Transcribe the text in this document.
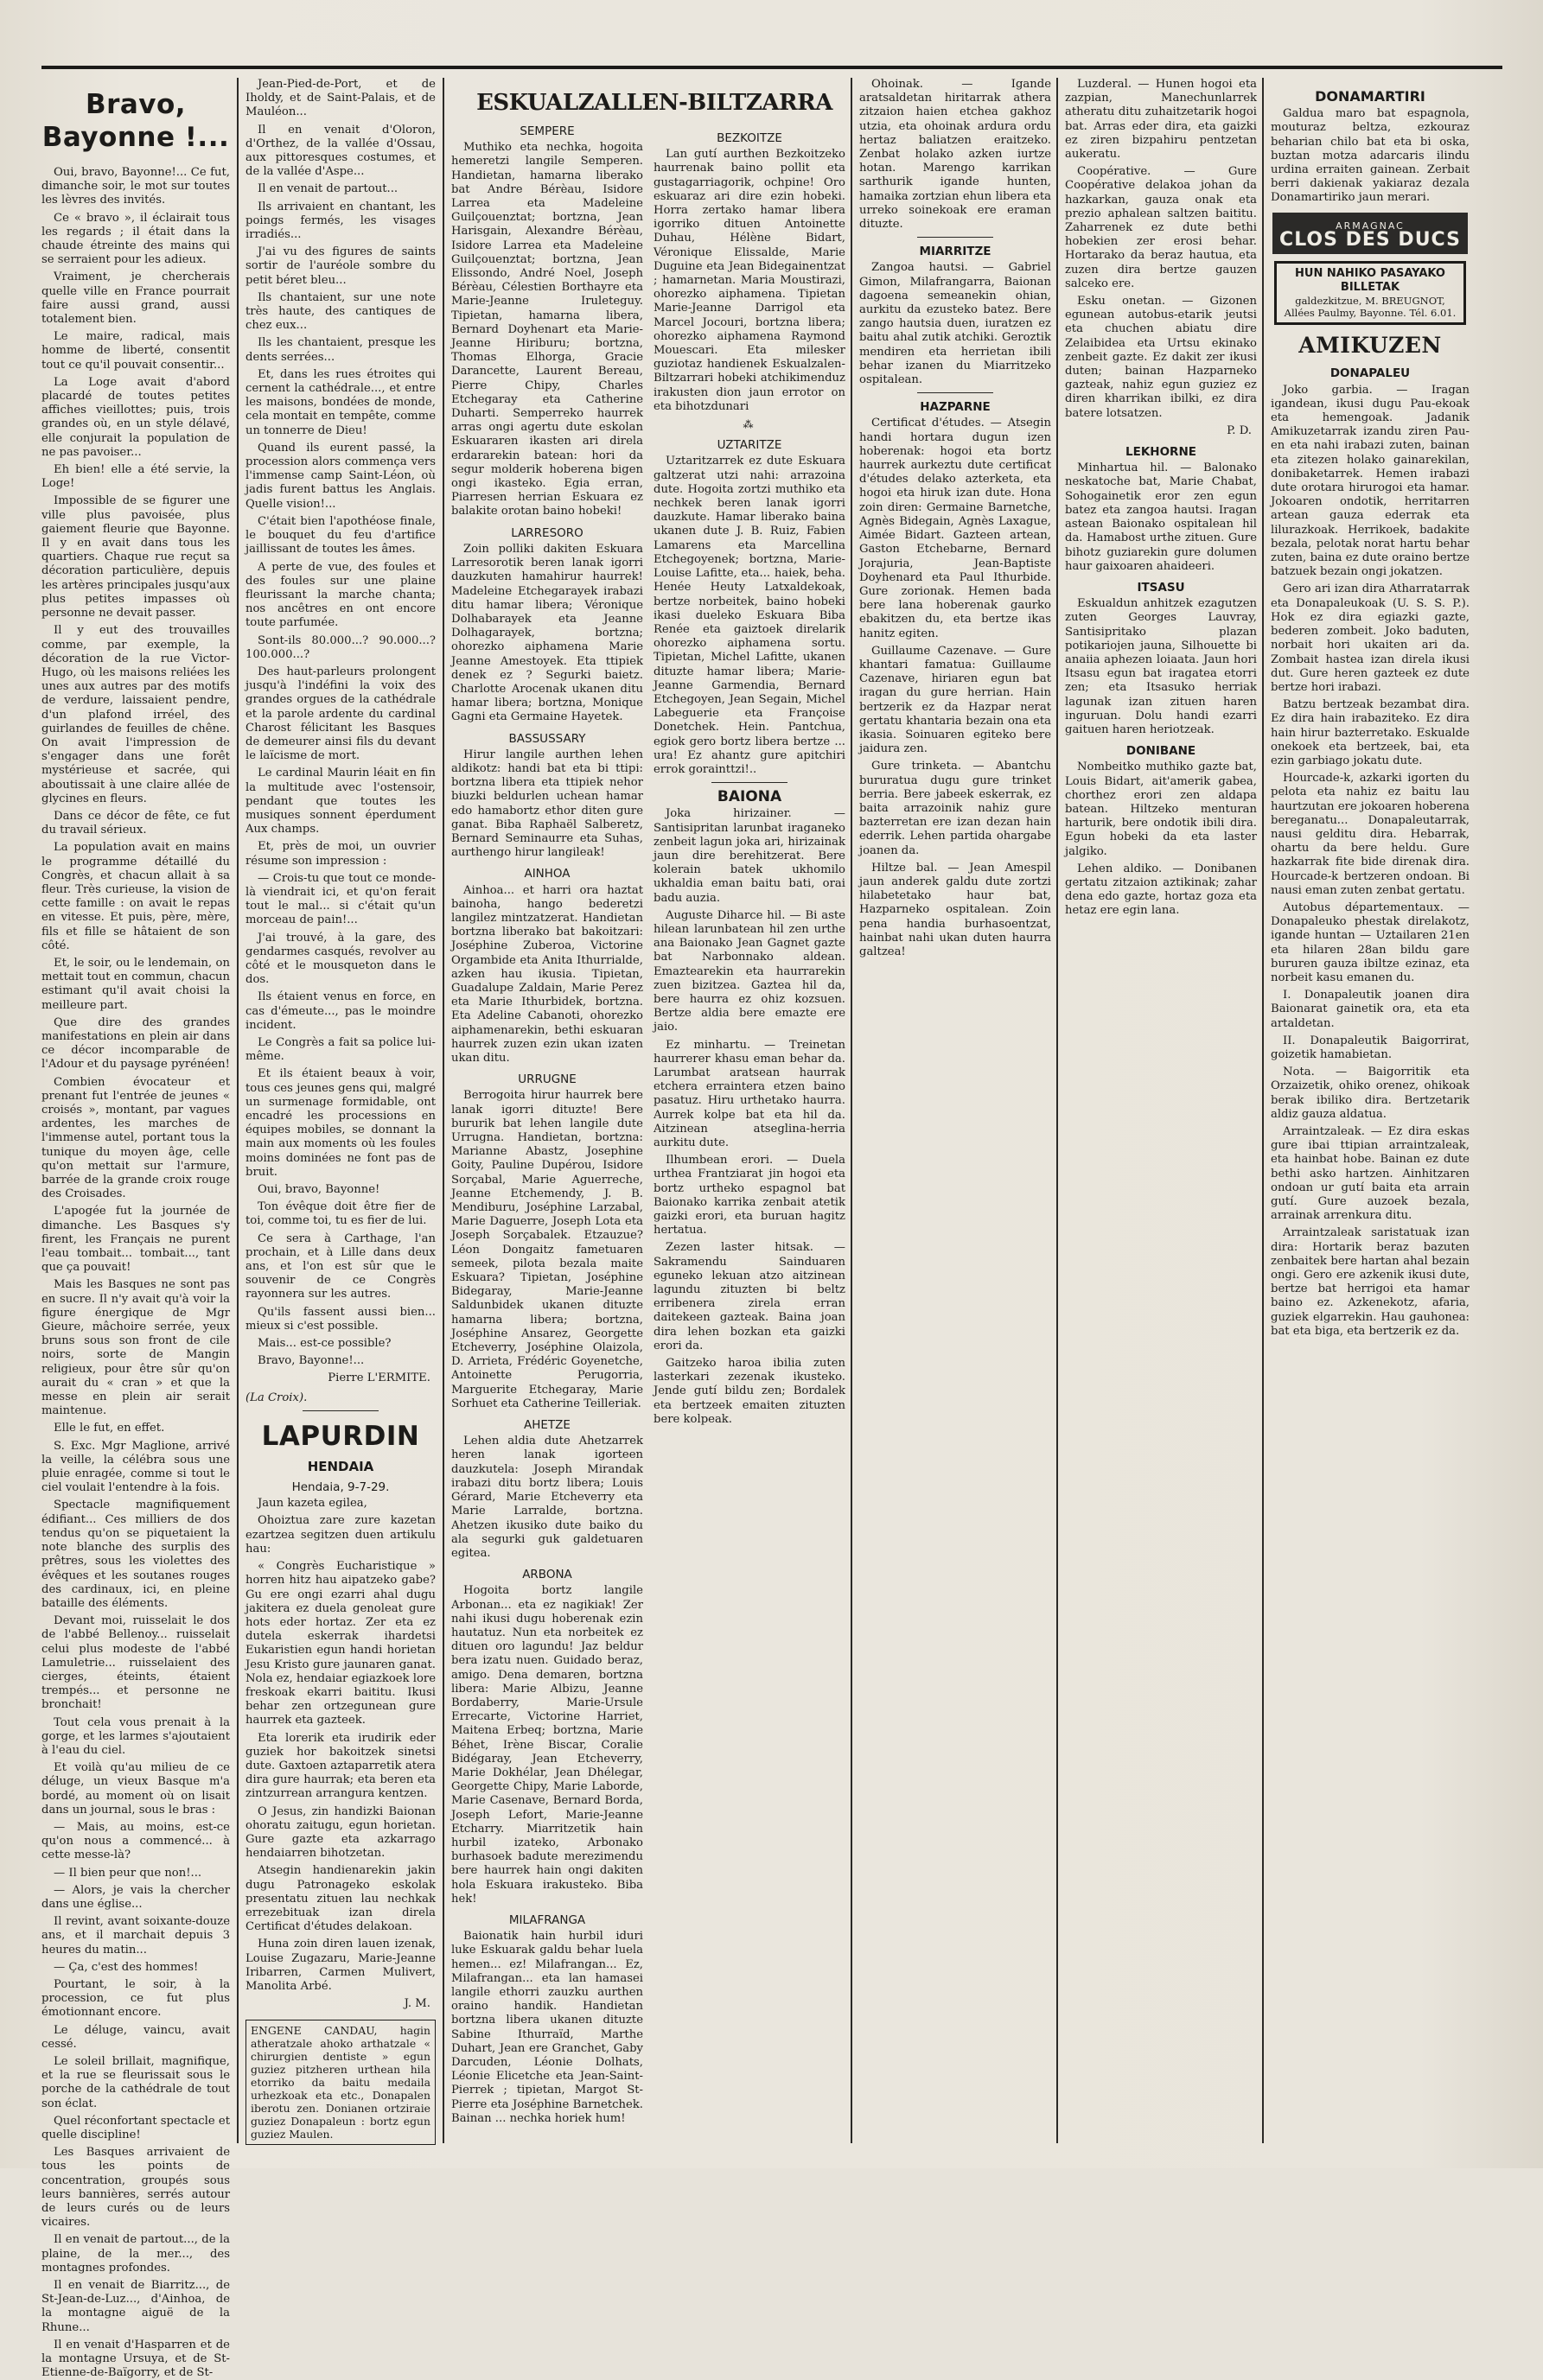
Bravo, Bayonne !...
Oui, bravo, Bayonne!... Ce fut, dimanche soir, le mot sur toutes les lèvres des invités.
Ce « bravo », il éclairait tous les regards ; il était dans la chaude étreinte des mains qui se serraient pour les adieux.
Vraiment, je chercherais quelle ville en France pourrait faire aussi grand, aussi totalement bien.
Le maire, radical, mais homme de liberté, consentit tout ce qu'il pouvait consentir...
La Loge avait d'abord placardé de toutes petites affiches vieillottes; puis, trois grandes où, en un style délavé, elle conjurait la population de ne pas pavoiser...
Eh bien! elle a été servie, la Loge!
Impossible de se figurer une ville plus pavoisée, plus gaiement fleurie que Bayonne. Il y en avait dans tous les quartiers. Chaque rue reçut sa décoration particulière, depuis les artères principales jusqu'aux plus petites impasses où personne ne devait passer.
Il y eut des trouvailles comme, par exemple, la décoration de la rue Victor-Hugo, où les maisons reliées les unes aux autres par des motifs de verdure, laissaient pendre, d'un plafond irréel, des guirlandes de feuilles de chêne. On avait l'impression de s'engager dans une forêt mystérieuse et sacrée, qui aboutissait à une claire allée de glycines en fleurs.
Dans ce décor de fête, ce fut du travail sérieux.
La population avait en mains le programme détaillé du Congrès, et chacun allait à sa fleur. Très curieuse, la vision de cette famille : on avait le repas en vitesse. Et puis, père, mère, fils et fille se hâtaient de son côté.
Et, le soir, ou le lendemain, on mettait tout en commun, chacun estimant qu'il avait choisi la meilleure part.
Que dire des grandes manifestations en plein air dans ce décor incomparable de l'Adour et du paysage pyrénéen!
Combien évocateur et prenant fut l'entrée de jeunes « croisés », montant, par vagues ardentes, les marches de l'immense autel, portant tous la tunique du moyen âge, celle qu'on mettait sur l'armure, barrée de la grande croix rouge des Croisades.
L'apogée fut la journée de dimanche. Les Basques s'y firent, les Français ne purent l'eau tombait... tombait..., tant que ça pouvait!
Mais les Basques ne sont pas en sucre. Il n'y avait qu'à voir la figure énergique de Mgr Gieure, mâchoire serrée, yeux bruns sous son front de cile noirs, sorte de Mangin religieux, pour être sûr qu'on aurait du « cran » et que la messe en plein air serait maintenue.
Elle le fut, en effet.
S. Exc. Mgr Maglione, arrivé la veille, la célébra sous une pluie enragée, comme si tout le ciel voulait l'entendre à la fois.
Spectacle magnifiquement édifiant... Ces milliers de dos tendus qu'on se piquetaient la note blanche des surplis des prêtres, sous les violettes des évêques et les soutanes rouges des cardinaux, ici, en pleine bataille des éléments.
Devant moi, ruisselait le dos de l'abbé Bellenoy... ruisselait celui plus modeste de l'abbé Lamuletrie... ruisselaient des cierges, éteints, étaient trempés... et personne ne bronchait!
Tout cela vous prenait à la gorge, et les larmes s'ajoutaient à l'eau du ciel.
Et voilà qu'au milieu de ce déluge, un vieux Basque m'a bordé, au moment où on lisait dans un journal, sous le bras :
— Mais, au moins, est-ce qu'on nous a commencé... à cette messe-là?
— Il bien peur que non!...
— Alors, je vais la chercher dans une église...
Il revint, avant soixante-douze ans, et il marchait depuis 3 heures du matin...
— Ça, c'est des hommes!
Pourtant, le soir, à la procession, ce fut plus émotionnant encore.
Le déluge, vaincu, avait cessé.
Le soleil brillait, magnifique, et la rue se fleurissait sous le porche de la cathédrale de tout son éclat.
Quel réconfortant spectacle et quelle discipline!
Les Basques arrivaient de tous les points de concentration, groupés sous leurs bannières, serrés autour de leurs curés ou de leurs vicaires.
Il en venait de partout..., de la plaine, de la mer..., des montagnes profondes.
Il en venait de Biarritz..., de St-Jean-de-Luz..., d'Ainhoa, de la montagne aiguë de la Rhune...
Il en venait d'Hasparren et de la montagne Ursuya, et de St-Etienne-de-Baïgorry, et de St-
Jean-Pied-de-Port, et de Iholdy, et de Saint-Palais, et de Mauléon...
Il en venait d'Oloron, d'Orthez, de la vallée d'Ossau, aux pittoresques costumes, et de la vallée d'Aspe...
Il en venait de partout...
Ils arrivaient en chantant, les poings fermés, les visages irradiés...
J'ai vu des figures de saints sortir de l'auréole sombre du petit béret bleu...
Ils chantaient, sur une note très haute, des cantiques de chez eux...
Ils les chantaient, presque les dents serrées...
Et, dans les rues étroites qui cernent la cathédrale..., et entre les maisons, bondées de monde, cela montait en tempête, comme un tonnerre de Dieu!
Quand ils eurent passé, la procession alors commença vers l'immense camp Saint-Léon, où jadis furent battus les Anglais. Quelle vision!...
C'était bien l'apothéose finale, le bouquet du feu d'artifice jaillissant de toutes les âmes.
A perte de vue, des foules et des foules sur une plaine fleurissant la marche chanta; nos ancêtres en ont encore toute parfumée.
Sont-ils 80.000...? 90.000...? 100.000...?
Des haut-parleurs prolongent jusqu'à l'indéfini la voix des grandes orgues de la cathédrale et la parole ardente du cardinal Charost félicitant les Basques de demeurer ainsi fils du devant le laïcisme de mort.
Le cardinal Maurin léait en fin la multitude avec l'ostensoir, pendant que toutes les musiques sonnent éperdument Aux champs.
Et, près de moi, un ouvrier résume son impression :
— Crois-tu que tout ce monde-là viendrait ici, et qu'on ferait tout le mal... si c'était qu'un morceau de pain!...
J'ai trouvé, à la gare, des gendarmes casqués, revolver au côté et le mousqueton dans le dos.
Ils étaient venus en force, en cas d'émeute..., pas le moindre incident.
Le Congrès a fait sa police lui-même.
Et ils étaient beaux à voir, tous ces jeunes gens qui, malgré un surmenage formidable, ont encadré les processions en équipes mobiles, se donnant la main aux moments où les foules moins dominées ne font pas de bruit.
Oui, bravo, Bayonne!
Ton évêque doit être fier de toi, comme toi, tu es fier de lui.
Ce sera à Carthage, l'an prochain, et à Lille dans deux ans, et l'on est sûr que le souvenir de ce Congrès rayonnera sur les autres.
Qu'ils fassent aussi bien... mieux si c'est possible.
Mais... est-ce possible?
Bravo, Bayonne!...
Pierre L'ERMITE.
(La Croix).
LAPURDIN
HENDAIA
Hendaia, 9-7-29.
Jaun kazeta egilea,
Ohoiztua zare zure kazetan ezartzea segitzen duen artikulu hau:
« Congrès Eucharistique » horren hitz hau aipatzeko gabe? Gu ere ongi ezarri ahal dugu jakitera ez duela genoleat gure hots eder hortaz. Zer eta ez dutela eskerrak ihardetsi Eukaristien egun handi horietan Jesu Kristo gure jaunaren ganat. Nola ez, hendaiar egiazkoek lore freskoak ekarri baititu. Ikusi behar zen ortzegunean gure haurrek eta gazteek.
Eta lorerik eta irudirik eder guziek hor bakoitzek sinetsi dute. Gaxtoen aztaparretik atera dira gure haurrak; eta beren eta zintzurrean arrangura kentzen.
O Jesus, zin handizki Baionan ohoratu zaitugu, egun horietan. Gure gazte eta azkarrago hendaiarren bihotzetan.
Atsegin handienarekin jakin dugu Patronageko eskolak presentatu zituen lau nechkak errezebituak izan direla Certificat d'études delakoan.
Huna zoin diren lauen izenak, Louise Zugazaru, Marie-Jeanne Iribarren, Carmen Mulivert, Manolita Arbé.
J. M.
ENGENE CANDAU, hagin atheratzale ahoko arthatzale « chirurgien dentiste » egun guziez pitzheren urthean hila etorriko da baitu medaila urhezkoak eta etc., Donapalen iberotu zen. Donianen ortziraie guziez Donapaleun : bortz egun guziez Maulen.
ESKUALZALLEN-BILTZARRA
SEMPERE
Muthiko eta nechka, hogoita hemeretzi langile Semperen. Handietan, hamarna liberako bat Andre Bérèau, Isidore Larrea eta Madeleine Guilçouenztat; bortzna, Jean Harisgain, Alexandre Bérèau, Isidore Larrea eta Madeleine Guilçouenztat; bortzna, Jean Elissondo, André Noel, Joseph Bérèau, Célestien Borthayre eta Marie-Jeanne Iruleteguy. Tipietan, hamarna libera, Bernard Doyhenart eta Marie-Jeanne Hiriburu; bortzna, Thomas Elhorga, Gracie Darancette, Laurent Bereau, Pierre Chipy, Charles Etchegaray eta Catherine Duharti. Semperreko haurrek arras ongi agertu dute eskolan Eskuararen ikasten ari direla erdararekin batean: hori da segur molderik hoberena bigen ongi ikasteko. Egia erran, Piarresen herrian Eskuara ez balakite orotan baino hobeki!
LARRESORO
Zoin polliki dakiten Eskuara Larresorotik beren lanak igorri dauzkuten hamahirur haurrek! Madeleine Etchegarayek irabazi ditu hamar libera; Véronique Dolhabarayek eta Jeanne Dolhagarayek, bortzna; ohorezko aiphamena Marie Jeanne Amestoyek. Eta ttipiek denek ez ? Segurki baietz. Charlotte Arocenak ukanen ditu hamar libera; bortzna, Monique Gagni eta Germaine Hayetek.
BASSUSSARY
Hirur langile aurthen lehen aldikotz: handi bat eta bi ttipi: bortzna libera eta ttipiek nehor biuzki beldurlen uchean hamar edo hamabortz ethor diten gure ganat. Biba Raphaël Salberetz, Bernard Seminaurre eta Suhas, aurthengo hirur langileak!
AINHOA
Ainhoa... et harri ora haztat bainoha, hango bederetzi langilez mintzatzerat. Handietan bortzna liberako bat bakoitzari: Joséphine Zuberoa, Victorine Orgambide eta Anita Ithurrialde, azken hau ikusia. Tipietan, Guadalupe Zaldain, Marie Perez eta Marie Ithurbidek, bortzna. Eta Adeline Cabanoti, ohorezko aiphamenarekin, bethi eskuaran haurrek zuzen ezin ukan izaten ukan ditu.
URRUGNE
Berrogoita hirur haurrek bere lanak igorri dituzte! Bere bururik bat lehen langile dute Urrugna. Handietan, bortzna: Marianne Abastz, Josephine Goity, Pauline Dupérou, Isidore Sorçabal, Marie Aguerreche, Jeanne Etchemendy, J. B. Mendiburu, Joséphine Larzabal, Marie Daguerre, Joseph Lota eta Joseph Sorçabalek. Etzauzue? Léon Dongaitz fametuaren semeek, pilota bezala maite Eskuara? Tipietan, Joséphine Bidegaray, Marie-Jeanne Saldunbidek ukanen dituzte hamarna libera; bortzna, Joséphine Ansarez, Georgette Etcheverry, Joséphine Olaizola, D. Arrieta, Frédéric Goyenetche, Antoinette Perugorria, Marguerite Etchegaray, Marie Sorhuet eta Catherine Teilleriak.
AHETZE
Lehen aldia dute Ahetzarrek heren lanak igorteen dauzkutela: Joseph Mirandak irabazi ditu bortz libera; Louis Gérard, Marie Etcheverry eta Marie Larralde, bortzna. Ahetzen ikusiko dute baiko du ala segurki guk galdetuaren egitea.
ARBONA
Hogoita bortz langile Arbonan... eta ez nagikiak! Zer nahi ikusi dugu hoberenak ezin hautatuz. Nun eta norbeitek ez dituen oro lagundu! Jaz beldur bera izatu nuen. Guidado beraz, amigo. Dena demaren, bortzna libera: Marie Albizu, Jeanne Bordaberry, Marie-Ursule Errecarte, Victorine Harriet, Maitena Erbeq; bortzna, Marie Béhet, Irène Biscar, Coralie Bidégaray, Jean Etcheverry, Marie Dokhélar, Jean Dhélegar, Georgette Chipy, Marie Laborde, Marie Casenave, Bernard Borda, Joseph Lefort, Marie-Jeanne Etcharry. Miarritzetik hain hurbil izateko, Arbonako burhasoek badute merezimendu bere haurrek hain ongi dakiten hola Eskuara irakusteko. Biba hek!
MILAFRANGA
Baionatik hain hurbil iduri luke Eskuarak galdu behar luela hemen... ez! Milafrangan... Ez, Milafrangan... eta lan hamasei langile ethorri zauzku aurthen oraino handik. Handietan bortzna libera ukanen dituzte Sabine Ithurraïd, Marthe Duhart, Jean ere Granchet, Gaby Darcuden, Léonie Dolhats, Léonie Elicetche eta Jean-Saint-Pierrek ; tipietan, Margot St-Pierre eta Joséphine Barnetchek. Bainan ... nechka horiek hum!
BEZKOITZE
Lan gutí aurthen Bezkoitzeko haurrenak baino pollit eta gustagarriagorik, ochpine! Oro eskuaraz ari dire ezin hobeki. Horra zertako hamar libera igorriko dituen Antoinette Duhau, Hélène Bidart, Véronique Elissalde, Marie Duguine eta Jean Bidegainentzat ; hamarnetan. Maria Moustirazi, ohorezko aiphamena. Tipietan Marie-Jeanne Darrigol eta Marcel Jocouri, bortzna libera; ohorezko aiphamena Raymond Mouescari. Eta milesker guziotaz handienek Eskualzalen-Biltzarrari hobeki atchikimenduz irakusten dion jaun errotor on eta bihotzdunari
⁂
UZTARITZE
Uztaritzarrek ez dute Eskuara galtzerat utzi nahi: arrazoina dute. Hogoita zortzi muthiko eta nechkek beren lanak igorri dauzkute. Hamar liberako baina ukanen dute J. B. Ruiz, Fabien Lamarens eta Marcellina Etchegoyenek; bortzna, Marie-Louise Lafitte, eta... haiek, beha. Henée Heuty Latxaldekoak, bertze norbeitek, baino hobeki ikasi dueleko Eskuara Biba Renée eta gaiztoek direlarik ohorezko aiphamena sortu. Tipietan, Michel Lafitte, ukanen dituzte hamar libera; Marie-Jeanne Garmendia, Bernard Etchegoyen, Jean Segain, Michel Labeguerie eta Françoise Donetchek. Hein. Pantchua, egiok gero bortz libera bertze ... ura! Ez ahantz gure apitchiri errok gorainttzi!..
BAIONA
Joka hirizainer. — Santisipritan larunbat iraganeko zenbeit lagun joka ari, hirizainak jaun dire berehitzerat. Bere kolerain batek ukhomilo ukhaldia eman baitu bati, orai badu auzia.
Auguste Diharce hil. — Bi aste hilean larunbatean hil zen urthe ana Baionako Jean Gagnet gazte bat Narbonnako aldean. Emaztearekin eta haurrarekin zuen bizitzea. Gaztea hil da, bere haurra ez ohiz kozsuen. Bertze aldia bere emazte ere jaio.
Ez minhartu. — Treinetan haurrerer khasu eman behar da. Larumbat aratsean haurrak etchera erraintera etzen baino pasatuz. Hiru urthetako haurra. Aurrek kolpe bat eta hil da. Aitzinean atseglina-herria aurkitu dute.
Ilhumbean erori. — Duela urthea Frantziarat jin hogoi eta bortz urtheko espagnol bat Baionako karrika zenbait atetik gaizki erori, eta buruan hagitz hertatua.
Zezen laster hitsak. — Sakramendu Sainduaren eguneko lekuan atzo aitzinean lagundu zituzten bi beltz erribenera zirela erran daitekeen gazteak. Baina joan dira lehen bozkan eta gaizki erori da.
Gaitzeko haroa ibilia zuten lasterkari zezenak ikusteko. Jende gutí bildu zen; Bordalek eta bertzeek emaiten zituzten bere kolpeak.
Ohoinak. — Igande aratsaldetan hiritarrak athera zitzaion haien etchea gakhoz utzia, eta ohoinak ardura ordu hertaz baliatzen eraitzeko. Zenbat holako azken iurtze hotan. Marengo karrikan sarthurik igande hunten, hamaika zortzian ehun libera eta urreko soinekoak ere eraman dituzte.
MIARRITZE
Zangoa hautsi. — Gabriel Gimon, Milafrangarra, Baionan dagoena semeanekin ohian, aurkitu da ezusteko batez. Bere zango hautsia duen, iuratzen ez baitu ahal zutik atchiki. Geroztik mendiren eta herrietan ibili behar izanen du Miarritzeko ospitalean.
HAZPARNE
Certificat d'études. — Atsegin handi hortara dugun izen hoberenak: hogoi eta bortz haurrek aurkeztu dute certificat d'études delako azterketa, eta hogoi eta hiruk izan dute. Hona zoin diren: Germaine Barnetche, Agnès Bidegain, Agnès Laxague, Aimée Bidart. Gazteen artean, Gaston Etchebarne, Bernard Jorajuria, Jean-Baptiste Doyhenard eta Paul Ithurbide. Gure zorionak. Hemen bada bere lana hoberenak gaurko ebakitzen du, eta bertze ikas hanitz egiten.
Guillaume Cazenave. — Gure khantari famatua: Guillaume Cazenave, hiriaren egun bat iragan du gure herrian. Hain bertzerik ez da Hazpar nerat gertatu khantaria bezain ona eta ikasia. Soinuaren egiteko bere jaidura zen.
Gure trinketa. — Abantchu bururatua dugu gure trinket berria. Bere jabeek eskerrak, ez baita arrazoinik nahiz gure bazterretan ere izan dezan hain ederrik. Lehen partida ohargabe joanen da.
Hiltze bal. — Jean Amespil jaun anderek galdu dute zortzi hilabetetako haur bat, Hazparneko ospitalean. Zoin pena handia burhasoentzat, hainbat nahi ukan duten haurra galtzea!
Luzderal. — Hunen hogoi eta zazpian, Manechunlarrek atheratu ditu zuhaitzetarik hogoi bat. Arras eder dira, eta gaizki ez ziren bizpahiru pentzetan aukeratu.
Coopérative. — Gure Coopérative delakoa johan da hazkarkan, gauza onak eta prezio aphalean saltzen baititu. Zaharrenek ez dute bethi hobekien zer erosi behar. Hortarako da beraz hautua, eta zuzen dira bertze gauzen salceko ere.
Esku onetan. — Gizonen egunean autobus-etarik jeutsi eta chuchen abiatu dire Zelaibidea eta Urtsu ekinako zenbeit gazte. Ez dakit zer ikusi duten; bainan Hazparneko gazteak, nahiz egun guziez ez diren kharrikan ibilki, ez dira batere lotsatzen.
P. D.
LEKHORNE
Minhartua hil. — Balonako neskatoche bat, Marie Chabat, Sohogainetik eror zen egun batez eta zangoa hautsi. Iragan astean Baionako ospitalean hil da. Hamabost urthe zituen. Gure bihotz guziarekin gure dolumen haur gaixoaren ahaideeri.
ITSASU
Eskualdun anhitzek ezagutzen zuten Georges Lauvray, Santisipritako plazan potikariojen jauna, Silhouette bi anaiia aphezen loiaata. Jaun hori Itsasu egun bat iragatea etorri zen; eta Itsasuko herriak lagunak izan zituen haren inguruan. Dolu handi ezarri gaituen haren heriotzeak.
DONIBANE
Nombeitko muthiko gazte bat, Louis Bidart, ait'amerik gabea, chorthez erori zen aldapa batean. Hiltzeko menturan harturik, bere ondotik ibili dira. Egun hobeki da eta laster jalgiko.
Lehen aldiko. — Donibanen gertatu zitzaion aztikinak; zahar dena edo gazte, hortaz goza eta hetaz ere egin lana.
DONAMARTIRI
Galdua maro bat espagnola, mouturaz beltza, ezkouraz beharian chilo bat eta bi oska, buztan motza adarcaris ilindu urdina erraiten gainean. Zerbait berri dakienak yakiaraz dezala Donamartiriko jaun merari.
ARMAGNAC
CLOS DES DUCS
HUN NAHIKO PASAYAKO BILLETAK
galdezkitzue, M. BREUGNOT, Allées Paulmy, Bayonne. Tél. 6.01.
AMIKUZEN
DONAPALEU
Joko garbia. — Iragan igandean, ikusi dugu Pau-ekoak eta hemengoak. Jadanik Amikuzetarrak izandu ziren Pau-en eta nahi irabazi zuten, bainan eta zitezen holako gainarekilan, donibaketarrek. Hemen irabazi dute orotara hirurogoi eta hamar. Jokoaren ondotik, herritarren artean gauza ederrak eta lilurazkoak. Herrikoek, badakite bezala, pelotak norat hartu behar zuten, baina ez dute oraino bertze batzuek bezain ongi jokatzen.
Gero ari izan dira Atharratarrak eta Donapaleukoak (U. S. S. P.). Hok ez dira egiazki gazte, bederen zombeit. Joko baduten, norbait hori ukaiten ari da. Zombait hastea izan direla ikusi dut. Gure heren gazteek ez dute bertze hori irabazi.
Batzu bertzeak bezambat dira. Ez dira hain irabaziteko. Ez dira hain hirur bazterretako. Eskualde onekoek eta bertzeek, bai, eta ezin garbiago jokatu dute.
Hourcade-k, azkarki igorten du pelota eta nahiz ez baitu lau haurtzutan ere jokoaren hoberena bereganatu... Donapaleutarrak, nausi gelditu dira. Hebarrak, ohartu da bere heldu. Gure hazkarrak fite bide direnak dira. Hourcade-k bertzeren ondoan. Bi nausi eman zuten zenbat gertatu.
Autobus départementaux. — Donapaleuko phestak direlakotz, igande huntan — Uztailaren 21en eta hilaren 28an bildu gare bururen gauza ibiltze ezinaz, eta norbeit kasu emanen du.
I. Donapaleutik joanen dira Baionarat gainetik ora, eta eta artaldetan.
II. Donapaleutik Baigorrirat, goizetik hamabietan.
Nota. — Baigorritik eta Orzaizetik, ohiko orenez, ohikoak berak ibiliko dira. Bertzetarik aldiz gauza aldatua.
Arraintzaleak. — Ez dira eskas gure ibai ttipian arraintzaleak, eta hainbat hobe. Bainan ez dute bethi asko hartzen. Ainhitzaren ondoan ur gutí baita eta arrain gutí. Gure auzoek bezala, arrainak arrenkura ditu.
Arraintzaleak saristatuak izan dira: Hortarik beraz bazuten zenbaitek bere hartan ahal bezain ongi. Gero ere azkenik ikusi dute, bertze bat herrigoi eta hamar baino ez. Azkenekotz, afaria, guziek elgarrekin. Hau gauhonea: bat eta biga, eta bertzerik ez da.
